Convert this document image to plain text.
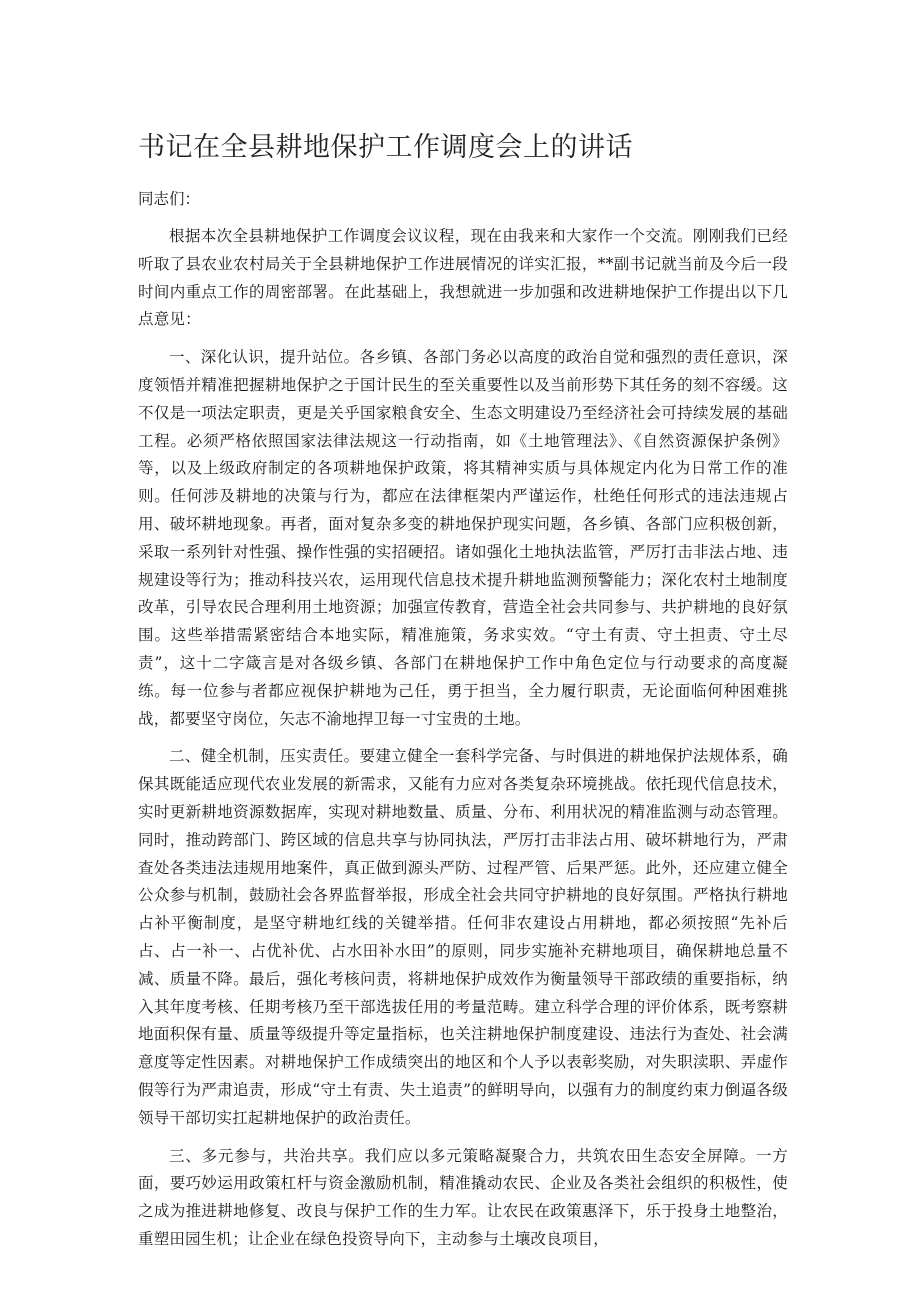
书记在全县耕地保护工作调度会上的讲话

同志们：

根据本次全县耕地保护工作调度会议议程，现在由我来和大家作一个交流。刚刚我们已经听取了县农业农村局关于全县耕地保护工作进展情况的详实汇报，**副书记就当前及今后一段时间内重点工作的周密部署。在此基础上，我想就进一步加强和改进耕地保护工作提出以下几点意见：

一、深化认识，提升站位。各乡镇、各部门务必以高度的政治自觉和强烈的责任意识，深度领悟并精准把握耕地保护之于国计民生的至关重要性以及当前形势下其任务的刻不容缓。这不仅是一项法定职责，更是关乎国家粮食安全、生态文明建设乃至经济社会可持续发展的基础工程。必须严格依照国家法律法规这一行动指南，如《土地管理法》、《自然资源保护条例》等，以及上级政府制定的各项耕地保护政策，将其精神实质与具体规定内化为日常工作的准则。任何涉及耕地的决策与行为，都应在法律框架内严谨运作，杜绝任何形式的违法违规占用、破坏耕地现象。再者，面对复杂多变的耕地保护现实问题，各乡镇、各部门应积极创新，采取一系列针对性强、操作性强的实招硬招。诸如强化土地执法监管，严厉打击非法占地、违规建设等行为；推动科技兴农，运用现代信息技术提升耕地监测预警能力；深化农村土地制度改革，引导农民合理利用土地资源；加强宣传教育，营造全社会共同参与、共护耕地的良好氛围。这些举措需紧密结合本地实际，精准施策，务求实效。“守土有责、守土担责、守土尽责”，这十二字箴言是对各级乡镇、各部门在耕地保护工作中角色定位与行动要求的高度凝练。每一位参与者都应视保护耕地为己任，勇于担当，全力履行职责，无论面临何种困难挑战，都要坚守岗位，矢志不渝地捍卫每一寸宝贵的土地。

二、健全机制，压实责任。要建立健全一套科学完备、与时俱进的耕地保护法规体系，确保其既能适应现代农业发展的新需求，又能有力应对各类复杂环境挑战。依托现代信息技术，实时更新耕地资源数据库，实现对耕地数量、质量、分布、利用状况的精准监测与动态管理。同时，推动跨部门、跨区域的信息共享与协同执法，严厉打击非法占用、破坏耕地行为，严肃查处各类违法违规用地案件，真正做到源头严防、过程严管、后果严惩。此外，还应建立健全公众参与机制，鼓励社会各界监督举报，形成全社会共同守护耕地的良好氛围。严格执行耕地占补平衡制度，是坚守耕地红线的关键举措。任何非农建设占用耕地，都必须按照“先补后占、占一补一、占优补优、占水田补水田”的原则，同步实施补充耕地项目，确保耕地总量不减、质量不降。最后，强化考核问责，将耕地保护成效作为衡量领导干部政绩的重要指标，纳入其年度考核、任期考核乃至干部选拔任用的考量范畴。建立科学合理的评价体系，既考察耕地面积保有量、质量等级提升等定量指标，也关注耕地保护制度建设、违法行为查处、社会满意度等定性因素。对耕地保护工作成绩突出的地区和个人予以表彰奖励，对失职渎职、弄虚作假等行为严肃追责，形成“守土有责、失土追责”的鲜明导向，以强有力的制度约束力倒逼各级领导干部切实扛起耕地保护的政治责任。

三、多元参与，共治共享。我们应以多元策略凝聚合力，共筑农田生态安全屏障。一方面，要巧妙运用政策杠杆与资金激励机制，精准撬动农民、企业及各类社会组织的积极性，使之成为推进耕地修复、改良与保护工作的生力军。让农民在政策惠泽下，乐于投身土地整治，重塑田园生机；让企业在绿色投资导向下，主动参与土壤改良项目，
